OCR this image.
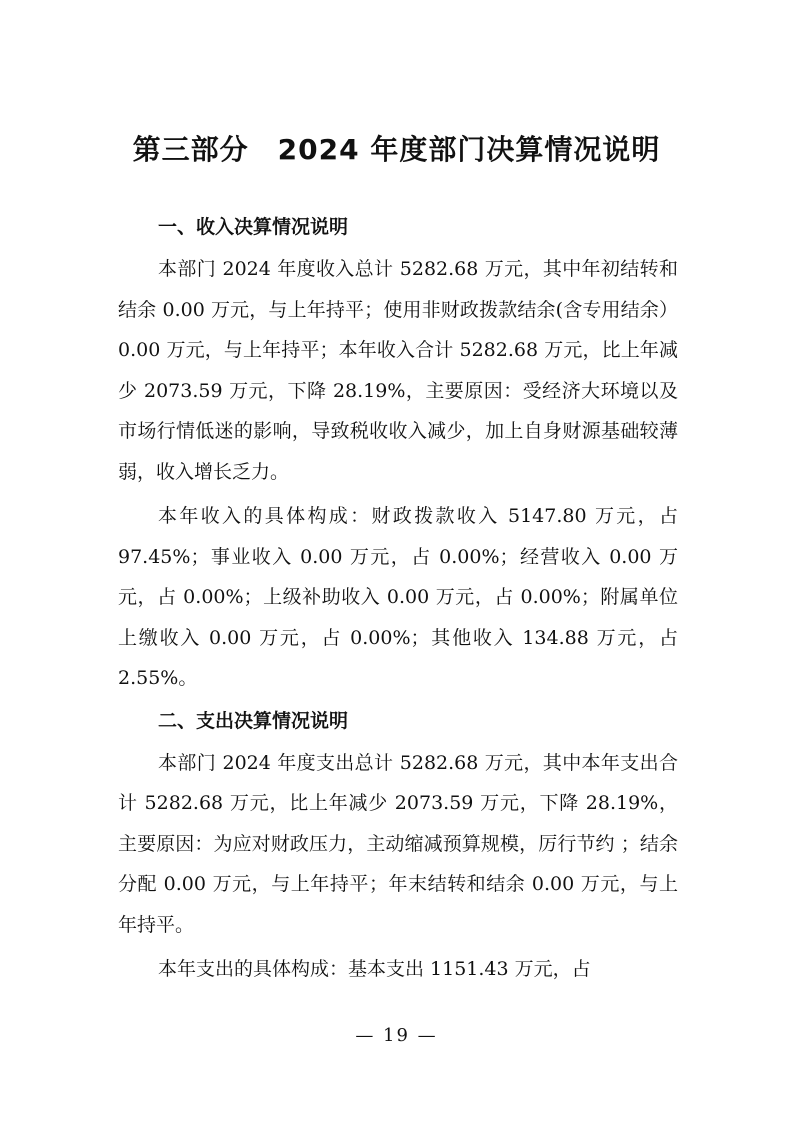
第三部分　2024 年度部门决算情况说明
一、收入决算情况说明

本部门 2024 年度收入总计 5282.68 万元，其中年初结转和结余 0.00 万元，与上年持平；使用非财政拨款结余(含专用结余）0.00 万元，与上年持平；本年收入合计 5282.68 万元，比上年减少 2073.59 万元，下降 28.19%，主要原因：受经济大环境以及市场行情低迷的影响，导致税收收入减少，加上自身财源基础较薄弱，收入增长乏力。

本年收入的具体构成：财政拨款收入 5147.80 万元，占 97.45%；事业收入 0.00 万元，占 0.00%；经营收入 0.00 万元，占 0.00%；上级补助收入 0.00 万元，占 0.00%；附属单位上缴收入 0.00 万元，占 0.00%；其他收入 134.88 万元，占 2.55%。

二、支出决算情况说明

本部门 2024 年度支出总计 5282.68 万元，其中本年支出合计 5282.68 万元，比上年减少 2073.59 万元，下降 28.19%，主要原因：为应对财政压力，主动缩减预算规模，厉行节约 ；结余分配 0.00 万元，与上年持平；年末结转和结余 0.00 万元，与上年持平。

本年支出的具体构成：基本支出 1151.43 万元，占

— 19 —
